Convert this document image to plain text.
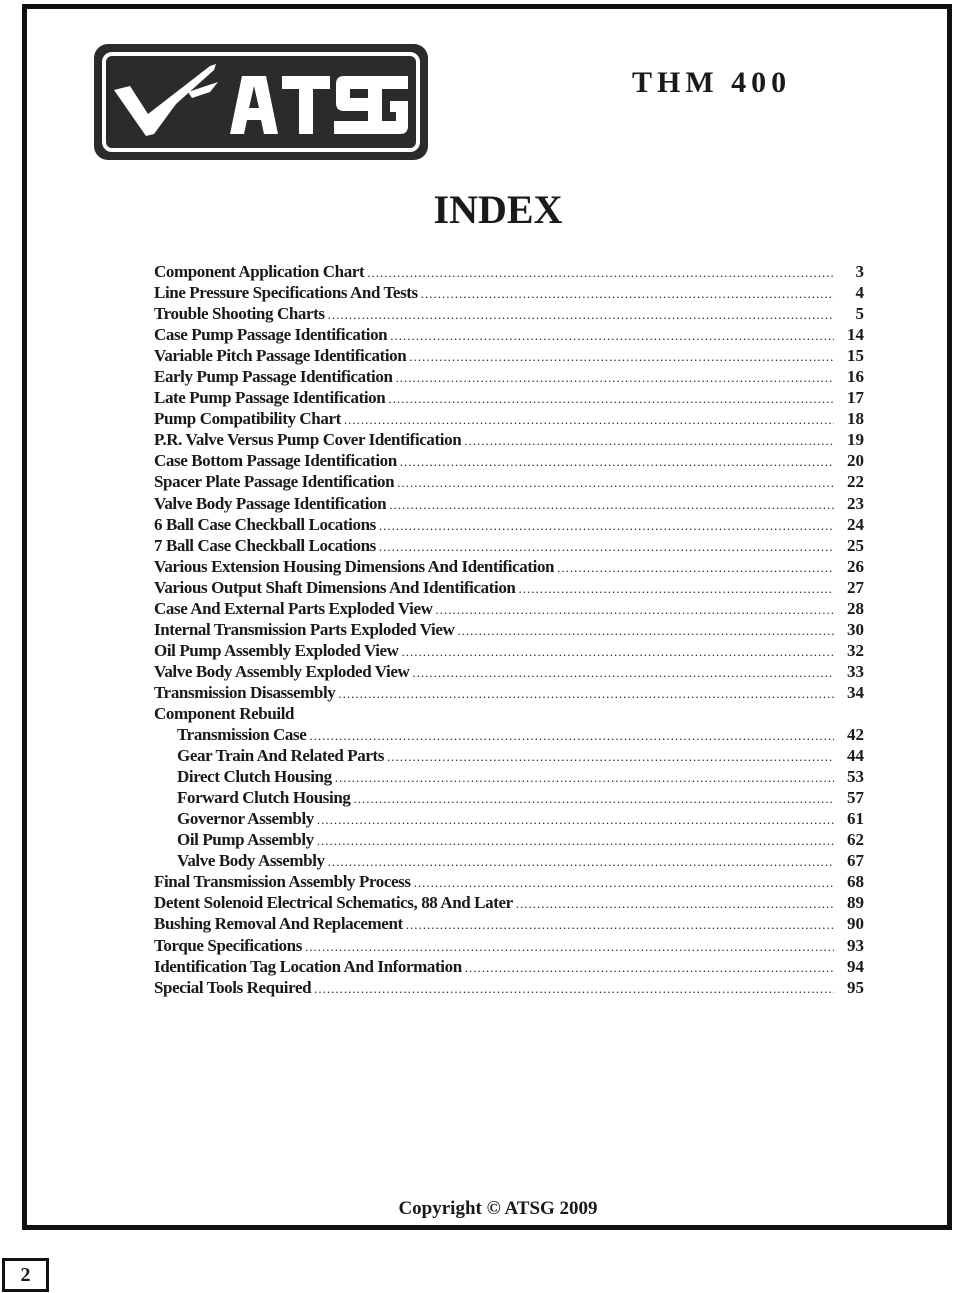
THM 400
INDEX
Component Application Chart .....	3
Line Pressure Specifications And Tests .....	4
Trouble Shooting Charts .....	5
Case Pump Passage Identification .....	14
Variable Pitch Passage Identification .....	15
Early Pump Passage Identification .....	16
Late Pump Passage Identification .....	17
Pump Compatibility Chart .....	18
P.R. Valve Versus Pump Cover Identification .....	19
Case Bottom Passage Identification .....	20
Spacer Plate Passage Identification .....	22
Valve Body Passage Identification .....	23
6 Ball Case Checkball Locations .....	24
7 Ball Case Checkball Locations .....	25
Various Extension Housing Dimensions And Identification .....	26
Various Output Shaft Dimensions And Identification .....	27
Case And External Parts Exploded View .....	28
Internal Transmission Parts Exploded View .....	30
Oil Pump Assembly Exploded View .....	32
Valve Body Assembly Exploded View .....	33
Transmission Disassembly .....	34
Component Rebuild
Transmission Case .....	42
Gear Train And Related Parts .....	44
Direct Clutch Housing .....	53
Forward Clutch Housing .....	57
Governor Assembly .....	61
Oil Pump Assembly .....	62
Valve Body Assembly .....	67
Final Transmission Assembly Process .....	68
Detent Solenoid Electrical Schematics, 88 And Later .....	89
Bushing Removal And Replacement .....	90
Torque Specifications .....	93
Identification Tag Location And Information .....	94
Special Tools Required .....	95
Copyright © ATSG 2009
2
